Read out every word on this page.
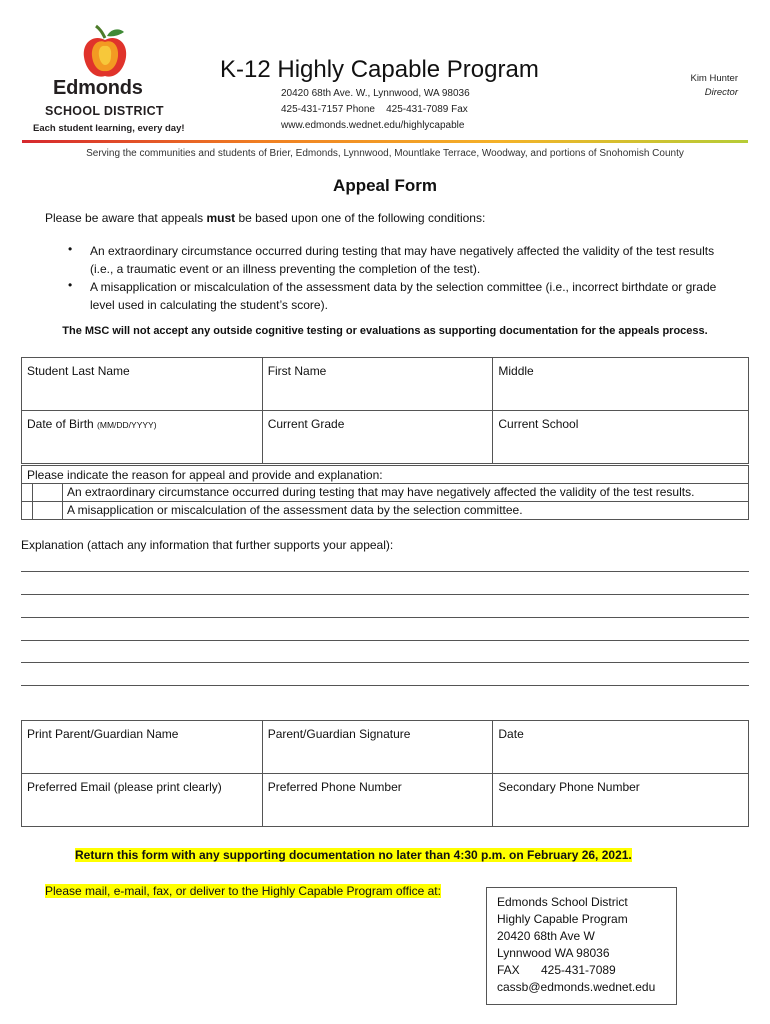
Edmonds
SCHOOL DISTRICT
Each student learning, every day!
K-12 Highly Capable Program
20420 68th Ave. W., Lynnwood, WA 98036
425-431-7157 Phone    425-431-7089 Fax
www.edmonds.wednet.edu/highlycapable
Kim Hunter
Director
Serving the communities and students of Brier, Edmonds, Lynnwood, Mountlake Terrace, Woodway, and portions of Snohomish County
Appeal Form
Please be aware that appeals must be based upon one of the following conditions:
• An extraordinary circumstance occurred during testing that may have negatively affected the validity of the test results (i.e., a traumatic event or an illness preventing the completion of the test).
• A misapplication or miscalculation of the assessment data by the selection committee (i.e., incorrect birthdate or grade level used in calculating the student’s score).
The MSC will not accept any outside cognitive testing or evaluations as supporting documentation for the appeals process.
Student Last Name	First Name	Middle
Date of Birth (MM/DD/YYYY)	Current Grade	Current School
Please indicate the reason for appeal and provide and explanation:
An extraordinary circumstance occurred during testing that may have negatively affected the validity of the test results.
A misapplication or miscalculation of the assessment data by the selection committee.
Explanation (attach any information that further supports your appeal):
Print Parent/Guardian Name	Parent/Guardian Signature	Date
Preferred Email (please print clearly)	Preferred Phone Number	Secondary Phone Number
Return this form with any supporting documentation no later than 4:30 p.m. on February 26, 2021.
Please mail, e-mail, fax, or deliver to the Highly Capable Program office at:
Edmonds School District
Highly Capable Program
20420 68th Ave W
Lynnwood WA 98036
FAX 425-431-7089
cassb@edmonds.wednet.edu
